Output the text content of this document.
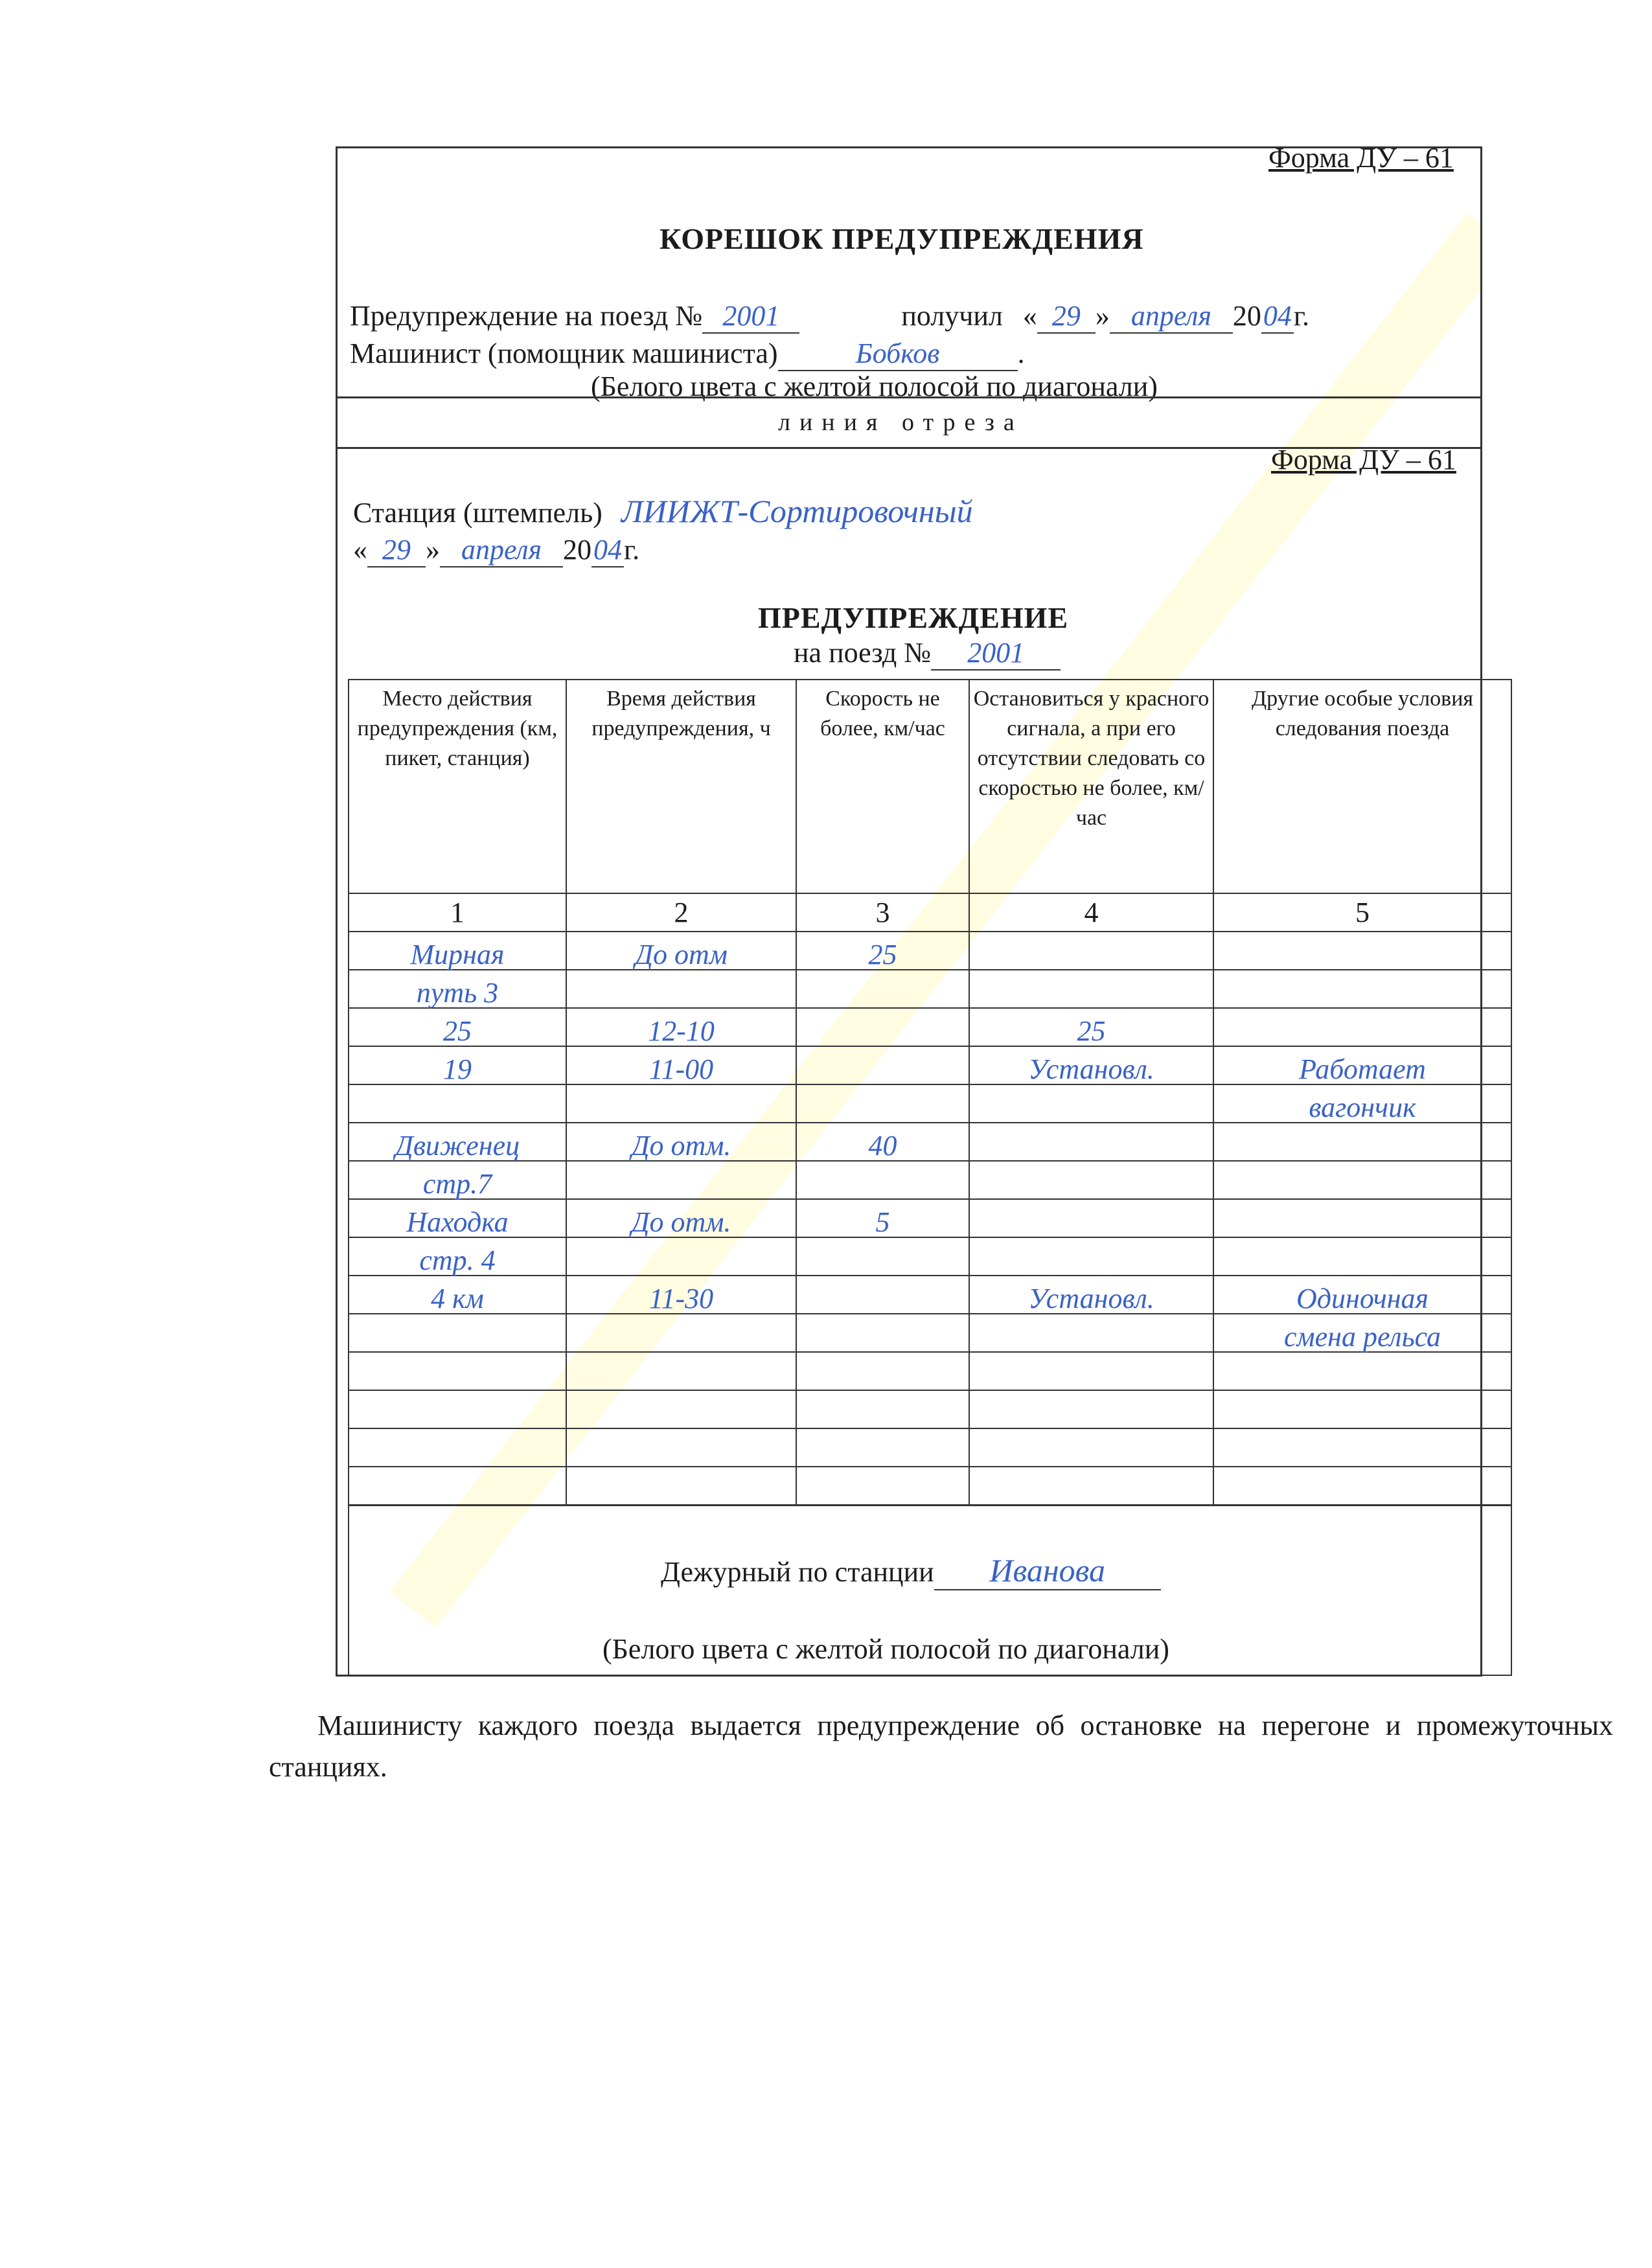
Форма ДУ – 61
КОРЕШОК ПРЕДУПРЕЖДЕНИЯ
Предупреждение на поезд № 2001	получил « 29 » апреля 2004г.
Машинист (помощник машиниста)	Бобков	.
(Белого цвета с желтой полосой по диагонали)
линия отреза
Форма ДУ – 61
Станция (штемпель) ЛИИЖТ-Сортировочный
« 29 » апреля 2004г.
ПРЕДУПРЕЖДЕНИЕ
на поезд № 2001
Место действия предупреждения (км, пикет, станция)	Время действия предупреждения, ч	Скорость не более, км/час	Остановиться у красного сигнала, а при его отсутствии следовать со скоростью не более, км/час	Другие особые условия следования поезда
1	2	3	4	5
Мирная	До отм	25		
путь 3				
25	12-10		25	
19	11-00		Установл.	Работает
				вагончик
Движенец	До отм.	40		
стр.7				
Находка	До отм.	5		
стр. 4				
4 км	11-30		Установл.	Одиночная
				смена рельса

Дежурный по станции Иванова
(Белого цвета с желтой полосой по диагонали)
Машинисту каждого поезда выдается предупреждение об остановке на перегоне и промежуточных станциях.
